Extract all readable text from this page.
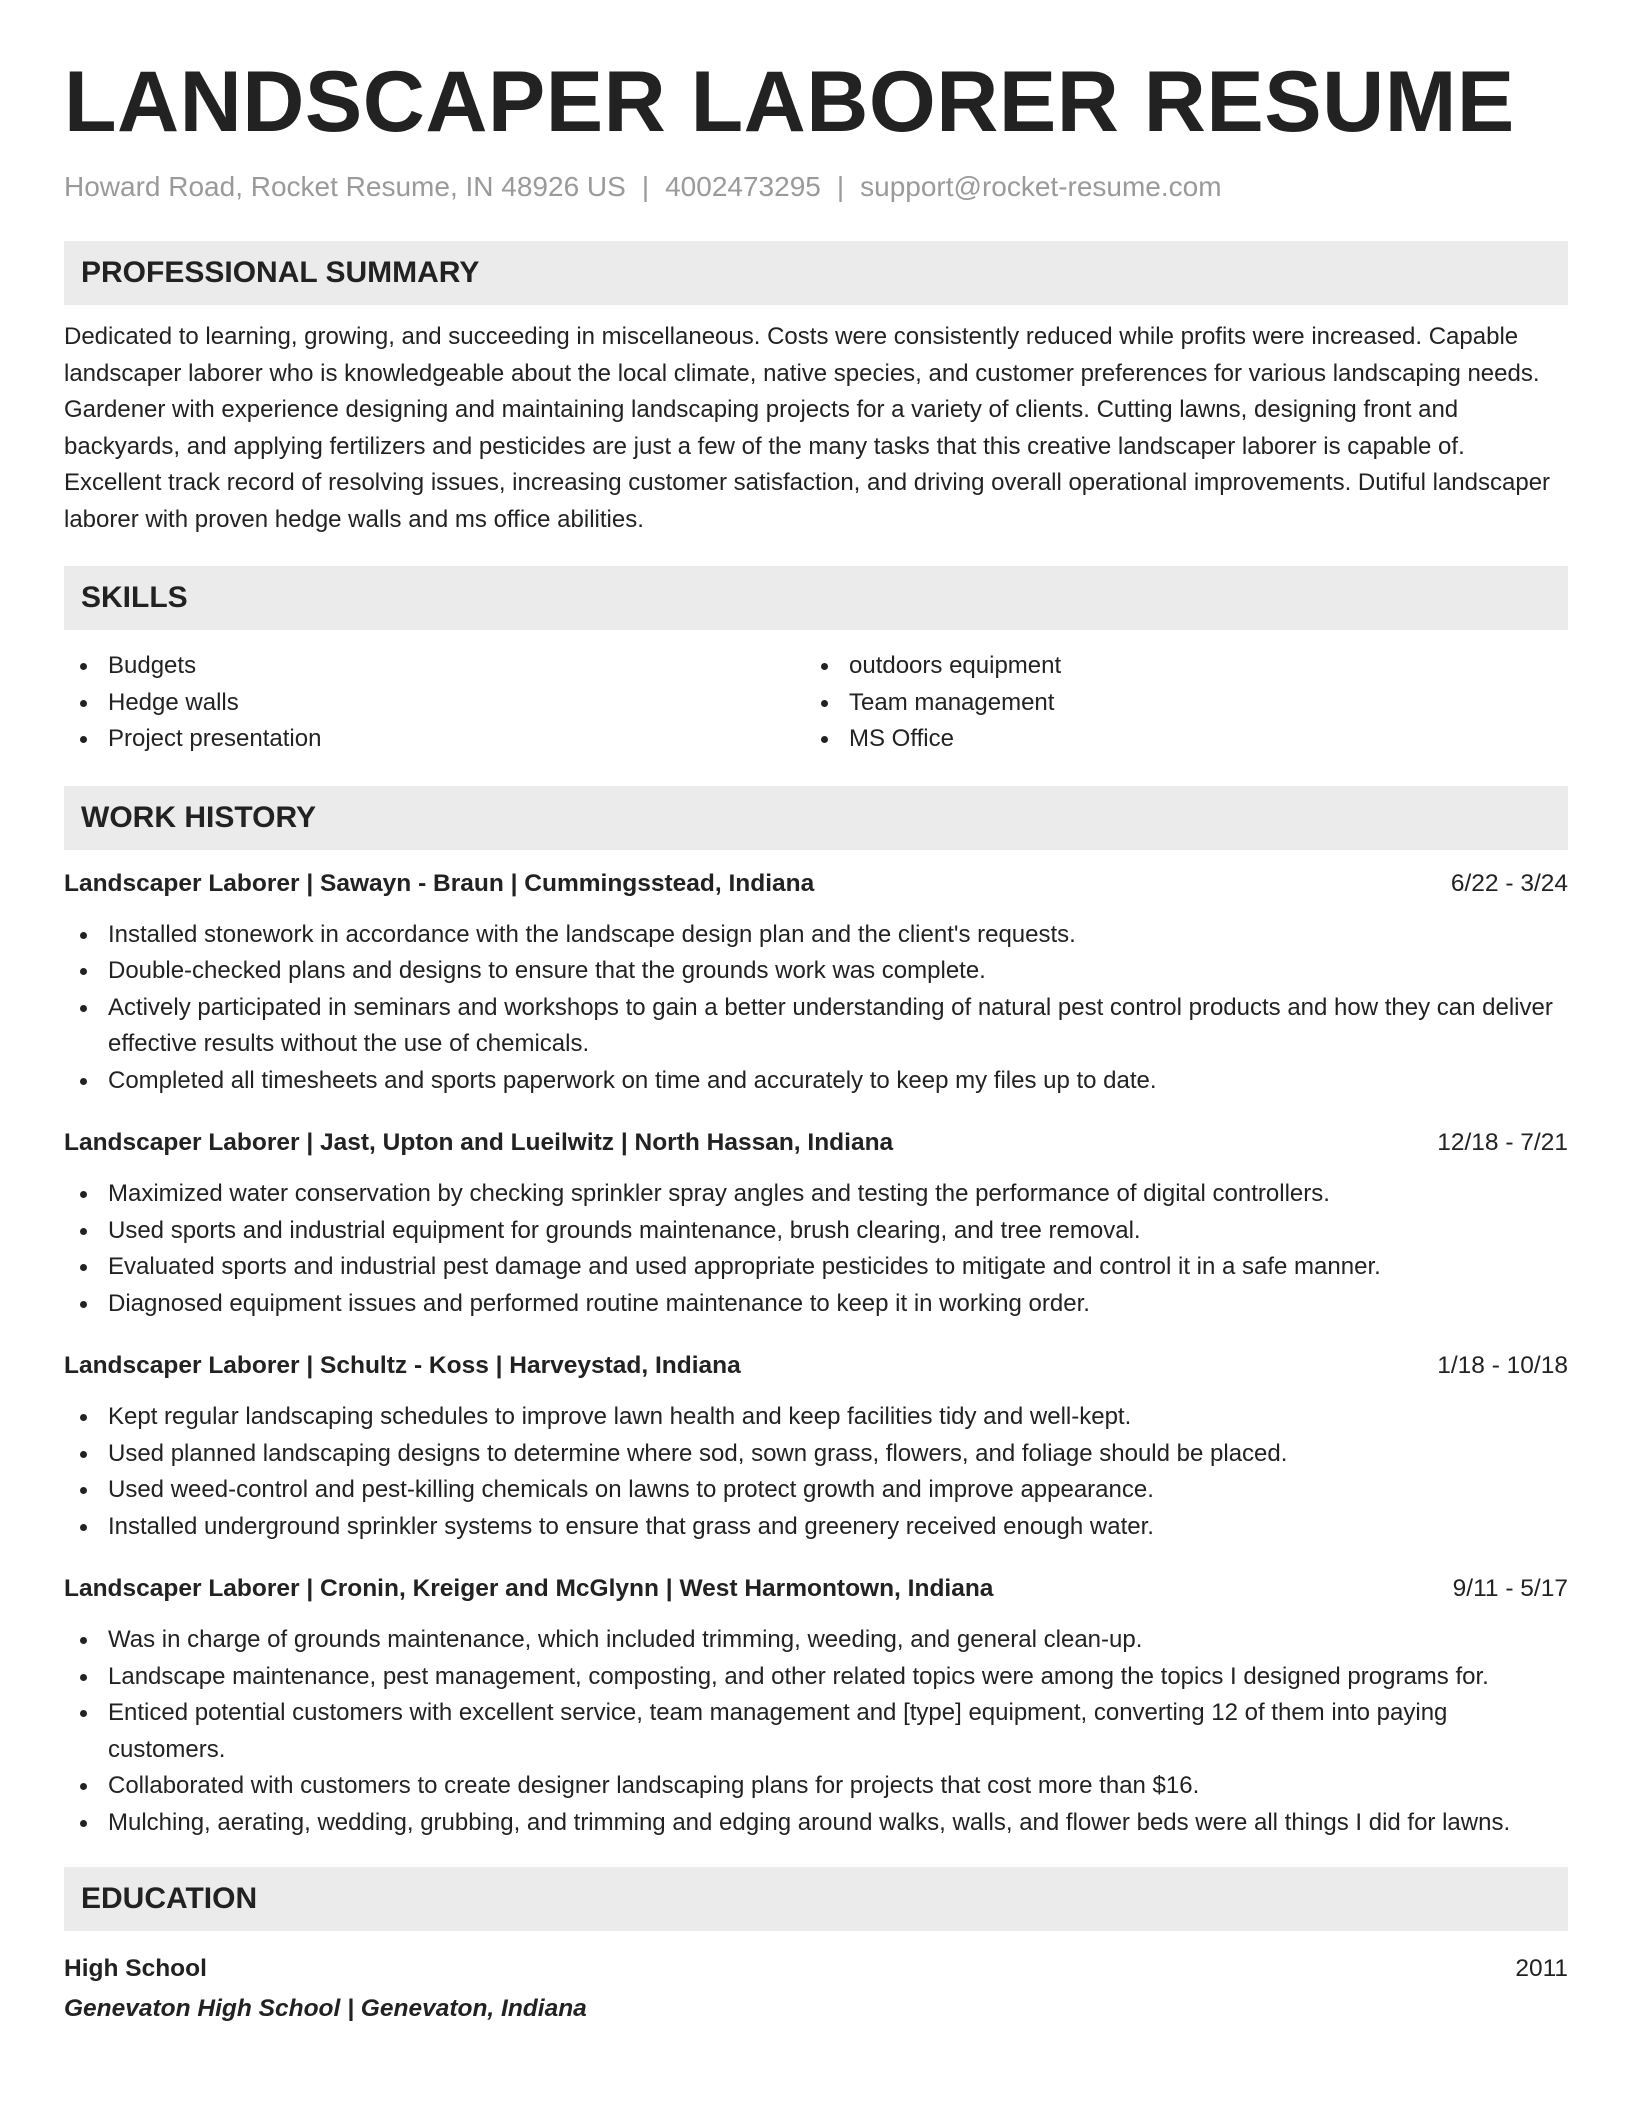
LANDSCAPER LABORER RESUME
Howard Road, Rocket Resume, IN 48926 US | 4002473295 | support@rocket-resume.com
PROFESSIONAL SUMMARY
Dedicated to learning, growing, and succeeding in miscellaneous. Costs were consistently reduced while profits were increased. Capable landscaper laborer who is knowledgeable about the local climate, native species, and customer preferences for various landscaping needs. Gardener with experience designing and maintaining landscaping projects for a variety of clients. Cutting lawns, designing front and backyards, and applying fertilizers and pesticides are just a few of the many tasks that this creative landscaper laborer is capable of. Excellent track record of resolving issues, increasing customer satisfaction, and driving overall operational improvements. Dutiful landscaper laborer with proven hedge walls and ms office abilities.
SKILLS
Budgets
Hedge walls
Project presentation
outdoors equipment
Team management
MS Office
WORK HISTORY
Landscaper Laborer | Sawayn - Braun | Cummingsstead, Indiana	6/22 - 3/24
Installed stonework in accordance with the landscape design plan and the client's requests.
Double-checked plans and designs to ensure that the grounds work was complete.
Actively participated in seminars and workshops to gain a better understanding of natural pest control products and how they can deliver effective results without the use of chemicals.
Completed all timesheets and sports paperwork on time and accurately to keep my files up to date.
Landscaper Laborer | Jast, Upton and Lueilwitz | North Hassan, Indiana	12/18 - 7/21
Maximized water conservation by checking sprinkler spray angles and testing the performance of digital controllers.
Used sports and industrial equipment for grounds maintenance, brush clearing, and tree removal.
Evaluated sports and industrial pest damage and used appropriate pesticides to mitigate and control it in a safe manner.
Diagnosed equipment issues and performed routine maintenance to keep it in working order.
Landscaper Laborer | Schultz - Koss | Harveystad, Indiana	1/18 - 10/18
Kept regular landscaping schedules to improve lawn health and keep facilities tidy and well-kept.
Used planned landscaping designs to determine where sod, sown grass, flowers, and foliage should be placed.
Used weed-control and pest-killing chemicals on lawns to protect growth and improve appearance.
Installed underground sprinkler systems to ensure that grass and greenery received enough water.
Landscaper Laborer | Cronin, Kreiger and McGlynn | West Harmontown, Indiana	9/11 - 5/17
Was in charge of grounds maintenance, which included trimming, weeding, and general clean-up.
Landscape maintenance, pest management, composting, and other related topics were among the topics I designed programs for.
Enticed potential customers with excellent service, team management and [type] equipment, converting 12 of them into paying customers.
Collaborated with customers to create designer landscaping plans for projects that cost more than $16.
Mulching, aerating, wedding, grubbing, and trimming and edging around walks, walls, and flower beds were all things I did for lawns.
EDUCATION
High School	2011
Genevaton High School | Genevaton, Indiana
